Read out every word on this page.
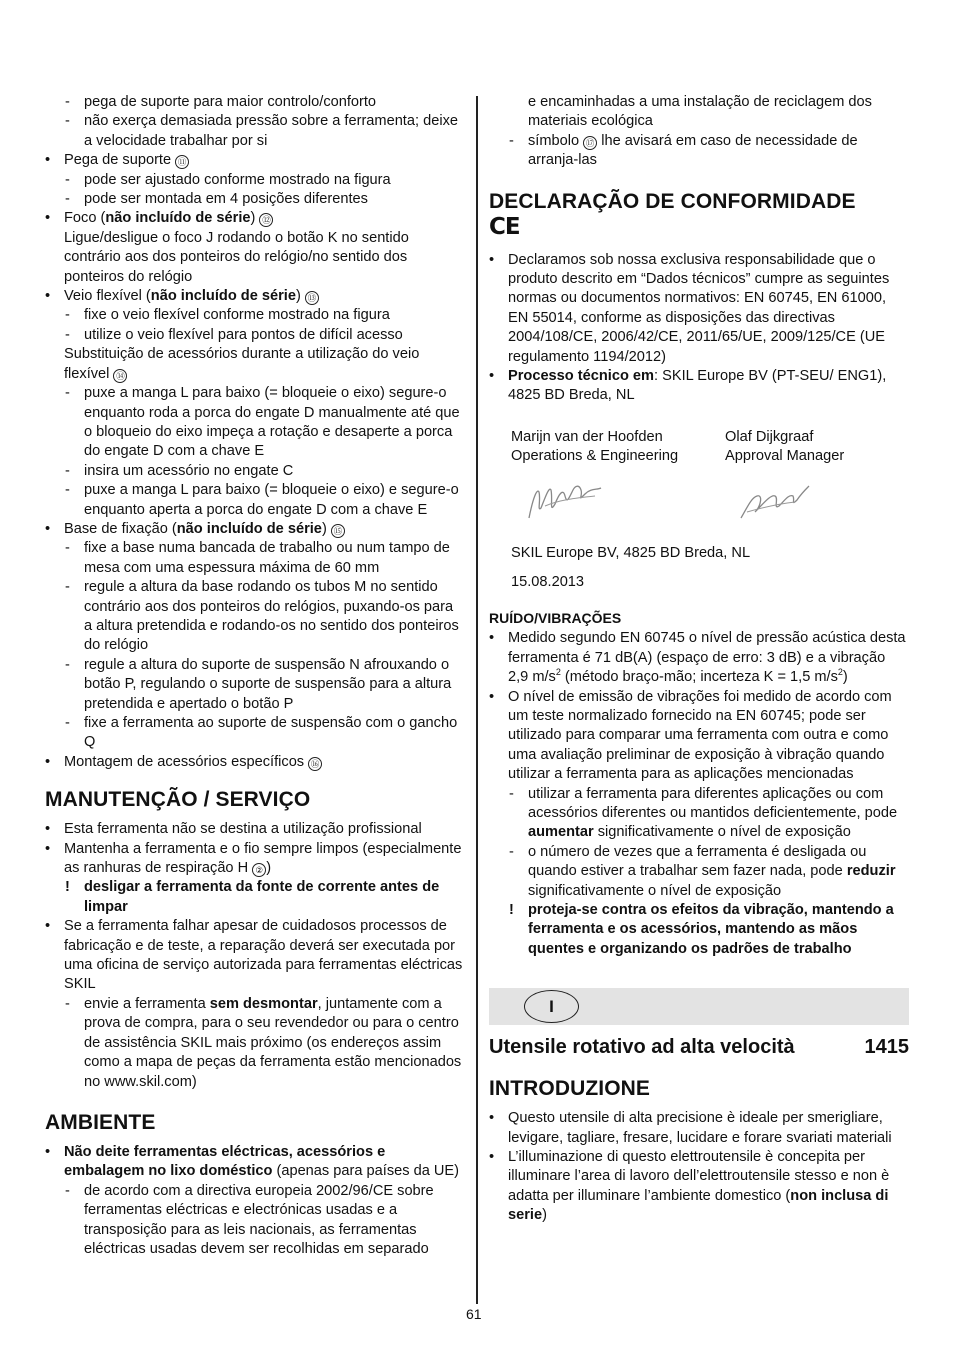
- pega de suporte para maior controlo/conforto
- não exerça demasiada pressão sobre a ferramenta; deixe a velocidade trabalhar por si
• Pega de suporte ⑪
- pode ser ajustado conforme mostrado na figura
- pode ser montada em 4 posições diferentes
• Foco (não incluído de série) ⑫
Ligue/desligue o foco J rodando o botão K no sentido contrário aos dos ponteiros do relógio/no sentido dos ponteiros do relógio
• Veio flexível (não incluído de série) ⑬
- fixe o veio flexível conforme mostrado na figura
- utilize o veio flexível para pontos de difícil acesso
Substituição de acessórios durante a utilização do veio flexível ⑭
- puxe a manga L para baixo (= bloqueie o eixo) segure-o enquanto roda a porca do engate D manualmente até que o bloqueio do eixo impeça a rotação e desaperte a porca do engate D com a chave E
- insira um acessório no engate C
- puxe a manga L para baixo (= bloqueie o eixo) e segure-o enquanto aperta a porca do engate D com a chave E
• Base de fixação (não incluído de série) ⑮
- fixe a base numa bancada de trabalho ou num tampo de mesa com uma espessura máxima de 60 mm
- regule a altura da base rodando os tubos M no sentido contrário aos dos ponteiros do relógios, puxando-os para a altura pretendida e rodando-os no sentido dos ponteiros do relógio
- regule a altura do suporte de suspensão N afrouxando o botão P, regulando o suporte de suspensão para a altura pretendida e apertado o botão P
- fixe a ferramenta ao suporte de suspensão com o gancho Q
• Montagem de acessórios específicos ⑯
MANUTENÇÃO / SERVIÇO
• Esta ferramenta não se destina a utilização profissional
• Mantenha a ferramenta e o fio sempre limpos (especialmente as ranhuras de respiração H ② )
! desligar a ferramenta da fonte de corrente antes de limpar
• Se a ferramenta falhar apesar de cuidadosos processos de fabricação e de teste, a reparação deverá ser executada por uma oficina de serviço autorizada para ferramentas eléctricas SKIL
- envie a ferramenta sem desmontar, juntamente com a prova de compra, para o seu revendedor ou para o centro de assistência SKIL mais próximo (os endereços assim como a mapa de peças da ferramenta estão mencionados no www.skil.com)
AMBIENTE
• Não deite ferramentas eléctricas, acessórios e embalagem no lixo doméstico (apenas para países da UE)
- de acordo com a directiva europeia 2002/96/CE sobre ferramentas eléctricas e electrónicas usadas e a transposição para as leis nacionais, as ferramentas eléctricas usadas devem ser recolhidas em separado
e encaminhadas a uma instalação de reciclagem dos materiais ecológica
- símbolo ⑰ lhe avisará em caso de necessidade de arranja-las
DECLARAÇÃO DE CONFORMIDADE
CE
• Declaramos sob nossa exclusiva responsabilidade que o produto descrito em “Dados técnicos” cumpre as seguintes normas ou documentos normativos: EN 60745, EN 61000, EN 55014, conforme as disposições das directivas 2004/108/CE, 2006/42/CE, 2011/65/UE, 2009/125/CE (UE regulamento 1194/2012)
• Processo técnico em: SKIL Europe BV (PT-SEU/ ENG1), 4825 BD Breda, NL
Marijn van der Hoofden
Operations & Engineering
Olaf Dijkgraaf
Approval Manager
SKIL Europe BV, 4825 BD Breda, NL
15.08.2013
RUÍDO/VIBRAÇÕES
• Medido segundo EN 60745 o nível de pressão acústica desta ferramenta é 71 dB(A) (espaço de erro: 3 dB) e a vibração 2,9 $m/s^2$ (método braço-mão; incerteza K = 1,5 $m/s^2$)
• O nível de emissão de vibrações foi medido de acordo com um teste normalizado fornecido na EN 60745; pode ser utilizado para comparar uma ferramenta com outra e como uma avaliação preliminar de exposição à vibração quando utilizar a ferramenta para as aplicações mencionadas
- utilizar a ferramenta para diferentes aplicações ou com acessórios diferentes ou mantidos deficientemente, pode aumentar significativamente o nível de exposição
- o número de vezes que a ferramenta é desligada ou quando estiver a trabalhar sem fazer nada, pode reduzir significativamente o nível de exposição
! proteja-se contra os efeitos da vibração, mantendo a ferramenta e os acessórios, mantendo as mãos quentes e organizando os padrões de trabalho
I
Utensile rotativo ad alta velocità	1415
INTRODUZIONE
• Questo utensile di alta precisione è ideale per smerigliare, levigare, tagliare, fresare, lucidare e forare svariati materiali
• L’illuminazione di questo elettroutensile è concepita per illuminare l’area di lavoro dell’elettroutensile stesso e non è adatta per illuminare l’ambiente domestico (non inclusa di serie)
61
